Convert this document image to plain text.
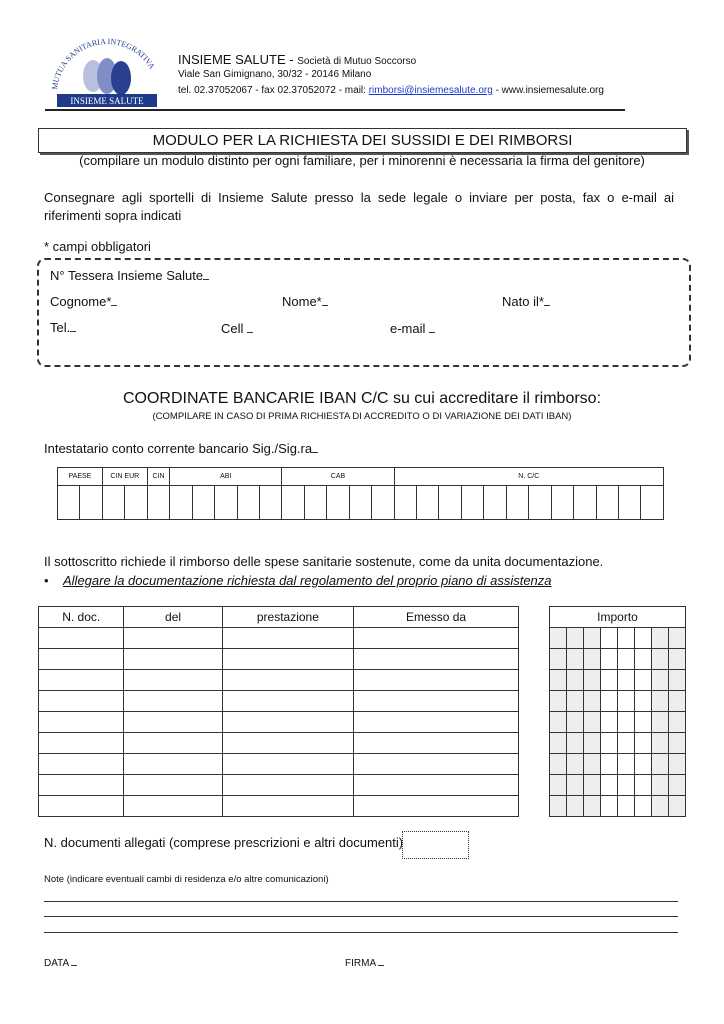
MUTUA SANITARIA INTEGRATIVA
INSIEME SALUTE
INSIEME SALUTE - Società di Mutuo Soccorso
Viale San Gimignano, 30/32 - 20146 Milano
tel. 02.37052067 - fax 02.37052072 - mail: rimborsi@insiemesalute.org - www.insiemesalute.org
MODULO PER LA RICHIESTA DEI SUSSIDI E DEI RIMBORSI
(compilare un modulo distinto per ogni familiare, per i minorenni è necessaria la firma del genitore)
Consegnare agli sportelli di Insieme Salute presso la sede legale o inviare per posta, fax o e-mail ai riferimenti sopra indicati
* campi obbligatori
N° Tessera Insieme Salute
Cognome*	Nome*	Nato il*
Tel.	Cell	e-mail
COORDINATE BANCARIE IBAN C/C su cui accreditare il rimborso:
(COMPILARE IN CASO DI PRIMA RICHIESTA DI ACCREDITO O DI VARIAZIONE DEI DATI IBAN)
Intestatario conto corrente bancario Sig./Sig.ra
PAESE		CIN EUR		CIN	ABI					CAB					N. C/C											

Il sottoscritto richiede il rimborso delle spese sanitarie sostenute, come da unita documentazione.
•    Allegare la documentazione richiesta dal regolamento del proprio piano di assistenza
N. doc.	del	prestazione	Emesso da

				Importo							

N. documenti allegati (comprese prescrizioni e altri documenti)
Note (indicare eventuali cambi di residenza e/o altre comunicazioni)
DATA	FIRMA
